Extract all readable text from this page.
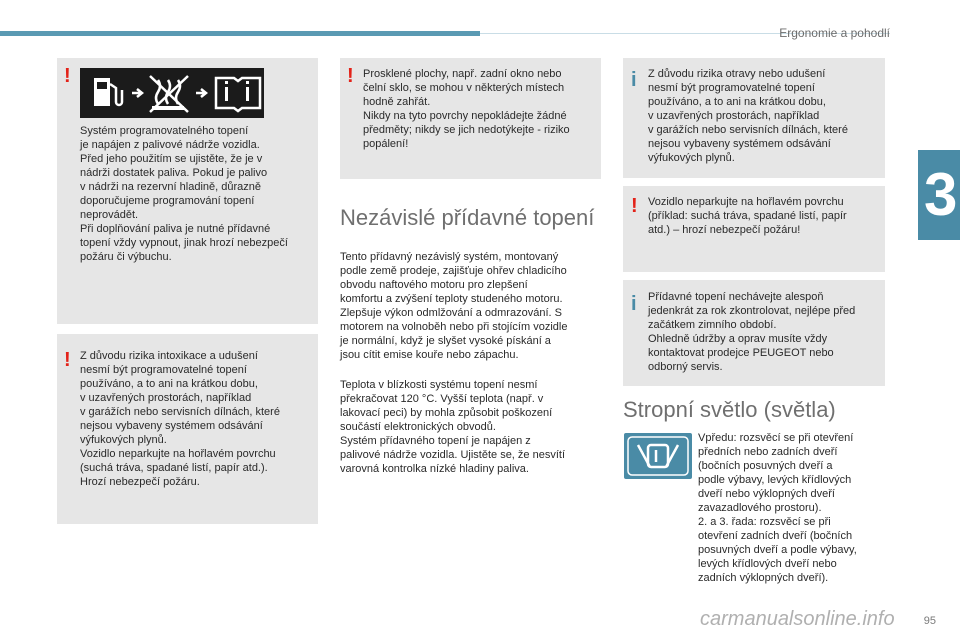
Ergonomie a pohodlí
3
!
Systém programovatelného topení
je napájen z palivové nádrže vozidla.
Před jeho použitím se ujistěte, že je v
nádrži dostatek paliva. Pokud je palivo
v nádrži na rezervní hladině, důrazně
doporučujeme programování topení
neprovádět.
Při doplňování paliva je nutné přídavné
topení vždy vypnout, jinak hrozí nebezpečí
požáru či výbuchu.
! Z důvodu rizika intoxikace a udušení
nesmí být programovatelné topení
používáno, a to ani na krátkou dobu,
v uzavřených prostorách, například
v garážích nebo servisních dílnách, které
nejsou vybaveny systémem odsávání
výfukových plynů.
Vozidlo neparkujte na hořlavém povrchu
(suchá tráva, spadané listí, papír atd.).
Hrozí nebezpečí požáru.
! Prosklené plochy, např. zadní okno nebo
čelní sklo, se mohou v některých místech
hodně zahřát.
Nikdy na tyto povrchy nepokládejte žádné
předměty; nikdy se jich nedotýkejte - riziko
popálení!
Nezávislé přídavné topení
Tento přídavný nezávislý systém, montovaný
podle země prodeje, zajišťuje ohřev chladicího
obvodu naftového motoru pro zlepšení
komfortu a zvýšení teploty studeného motoru.
Zlepšuje výkon odmlžování a odmrazování. S
motorem na volnoběh nebo při stojícím vozidle
je normální, když je slyšet vysoké pískání a
jsou cítit emise kouře nebo zápachu.
Teplota v blízkosti systému topení nesmí
překračovat 120 °C. Vyšší teplota (např. v
lakovací peci) by mohla způsobit poškození
součástí elektronických obvodů.
Systém přídavného topení je napájen z
palivové nádrže vozidla. Ujistěte se, že nesvítí
varovná kontrolka nízké hladiny paliva.
i Z důvodu rizika otravy nebo udušení
nesmí být programovatelné topení
používáno, a to ani na krátkou dobu,
v uzavřených prostorách, například
v garážích nebo servisních dílnách, které
nejsou vybaveny systémem odsávání
výfukových plynů.
! Vozidlo neparkujte na hořlavém povrchu
(příklad: suchá tráva, spadané listí, papír
atd.) – hrozí nebezpečí požáru!
i Přídavné topení nechávejte alespoň
jedenkrát za rok zkontrolovat, nejlépe před
začátkem zimního období.
Ohledně údržby a oprav musíte vždy
kontaktovat prodejce PEUGEOT nebo
odborný servis.
Stropní světlo (světla)
Vpředu: rozsvěcí se při otevření
předních nebo zadních dveří
(bočních posuvných dveří a
podle výbavy, levých křídlových
dveří nebo výklopných dveří
zavazadlového prostoru).
2. a 3. řada: rozsvěcí se při
otevření zadních dveří (bočních
posuvných dveří a podle výbavy,
levých křídlových dveří nebo
zadních výklopných dveří).
carmanualsonline.info	95
